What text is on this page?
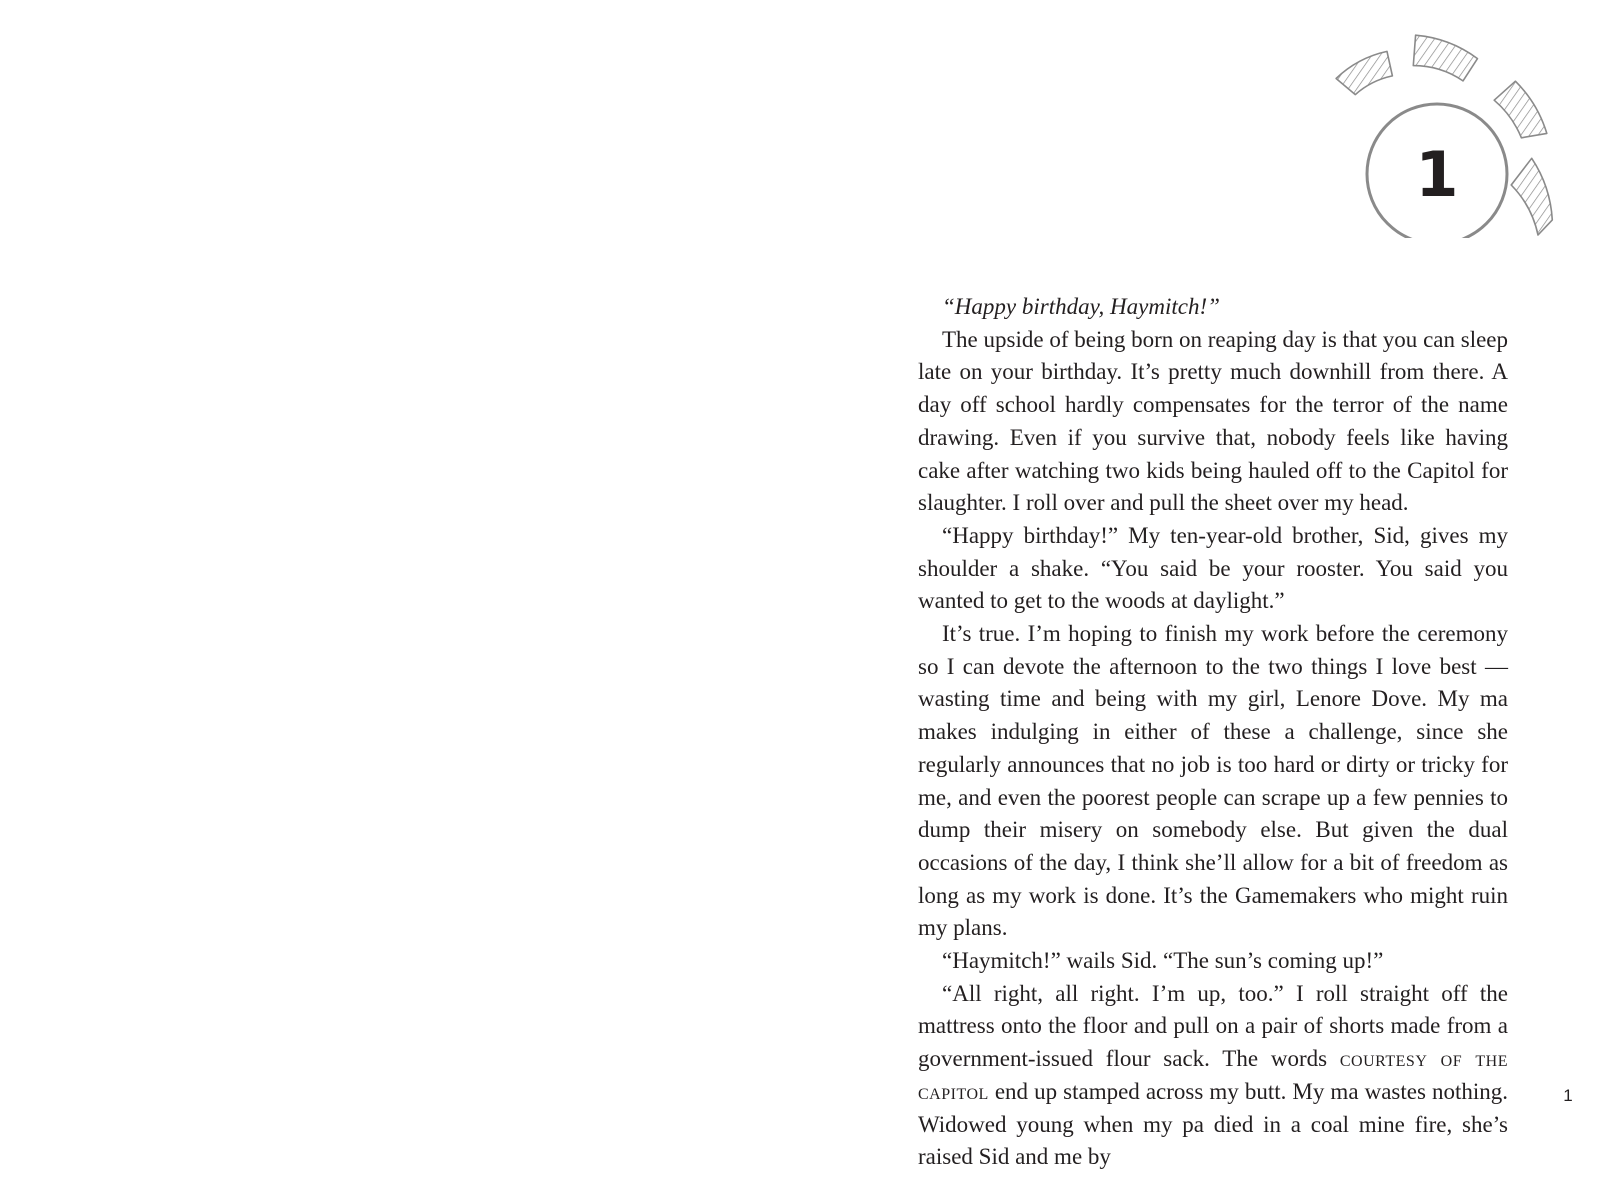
1

“Happy birthday, Haymitch!”

The upside of being born on reaping day is that you can sleep late on your birthday. It’s pretty much downhill from there. A day off school hardly compensates for the terror of the name drawing. Even if you survive that, nobody feels like having cake after watching two kids being hauled off to the Capitol for slaughter. I roll over and pull the sheet over my head.

“Happy birthday!” My ten-year-old brother, Sid, gives my shoulder a shake. “You said be your rooster. You said you wanted to get to the woods at daylight.”

It’s true. I’m hoping to finish my work before the ceremony so I can devote the afternoon to the two things I love best — wasting time and being with my girl, Lenore Dove. My ma makes indulging in either of these a challenge, since she regularly announces that no job is too hard or dirty or tricky for me, and even the poorest people can scrape up a few pennies to dump their misery on somebody else. But given the dual occasions of the day, I think she’ll allow for a bit of freedom as long as my work is done. It’s the Gamemakers who might ruin my plans.

“Haymitch!” wails Sid. “The sun’s coming up!”

“All right, all right. I’m up, too.” I roll straight off the mattress onto the floor and pull on a pair of shorts made from a government-issued flour sack. The words courtesy of the capitol end up stamped across my butt. My ma wastes nothing. Widowed young when my pa died in a coal mine fire, she’s raised Sid and me by

1
